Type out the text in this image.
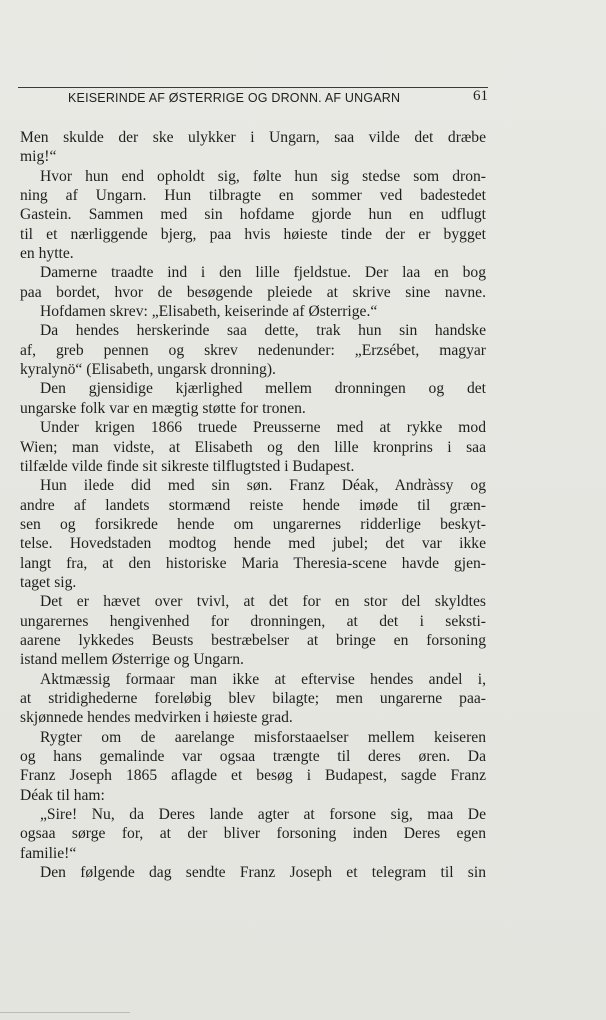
KEISERINDE AF ØSTERRIGE OG DRONN. AF UNGARN	61
Men skulde der ske ulykker i Ungarn, saa vilde det dræbe
mig!“
Hvor hun end opholdt sig, følte hun sig stedse som dron-
ning af Ungarn. Hun tilbragte en sommer ved badestedet
Gastein. Sammen med sin hofdame gjorde hun en udflugt
til et nærliggende bjerg, paa hvis høieste tinde der er bygget
en hytte.
Damerne traadte ind i den lille fjeldstue. Der laa en bog
paa bordet, hvor de besøgende pleiede at skrive sine navne.
Hofdamen skrev: „Elisabeth, keiserinde af Østerrige.“
Da hendes herskerinde saa dette, trak hun sin handske
af, greb pennen og skrev nedenunder: „Erzsébet, magyar
kyralynö“ (Elisabeth, ungarsk dronning).
Den gjensidige kjærlighed mellem dronningen og det
ungarske folk var en mægtig støtte for tronen.
Under krigen 1866 truede Preusserne med at rykke mod
Wien; man vidste, at Elisabeth og den lille kronprins i saa
tilfælde vilde finde sit sikreste tilflugtsted i Budapest.
Hun ilede did med sin søn. Franz Déak, Andràssy og
andre af landets stormænd reiste hende imøde til græn-
sen og forsikrede hende om ungarernes ridderlige beskyt-
telse. Hovedstaden modtog hende med jubel; det var ikke
langt fra, at den historiske Maria Theresia-scene havde gjen-
taget sig.
Det er hævet over tvivl, at det for en stor del skyldtes
ungarernes hengivenhed for dronningen, at det i seksti-
aarene lykkedes Beusts bestræbelser at bringe en forsoning
istand mellem Østerrige og Ungarn.
Aktmæssig formaar man ikke at eftervise hendes andel i,
at stridighederne foreløbig blev bilagte; men ungarerne paa-
skjønnede hendes medvirken i høieste grad.
Rygter om de aarelange misforstaaelser mellem keiseren
og hans gemalinde var ogsaa trængte til deres øren. Da
Franz Joseph 1865 aflagde et besøg i Budapest, sagde Franz
Déak til ham:
„Sire! Nu, da Deres lande agter at forsone sig, maa De
ogsaa sørge for, at der bliver forsoning inden Deres egen
familie!“
Den følgende dag sendte Franz Joseph et telegram til sin
